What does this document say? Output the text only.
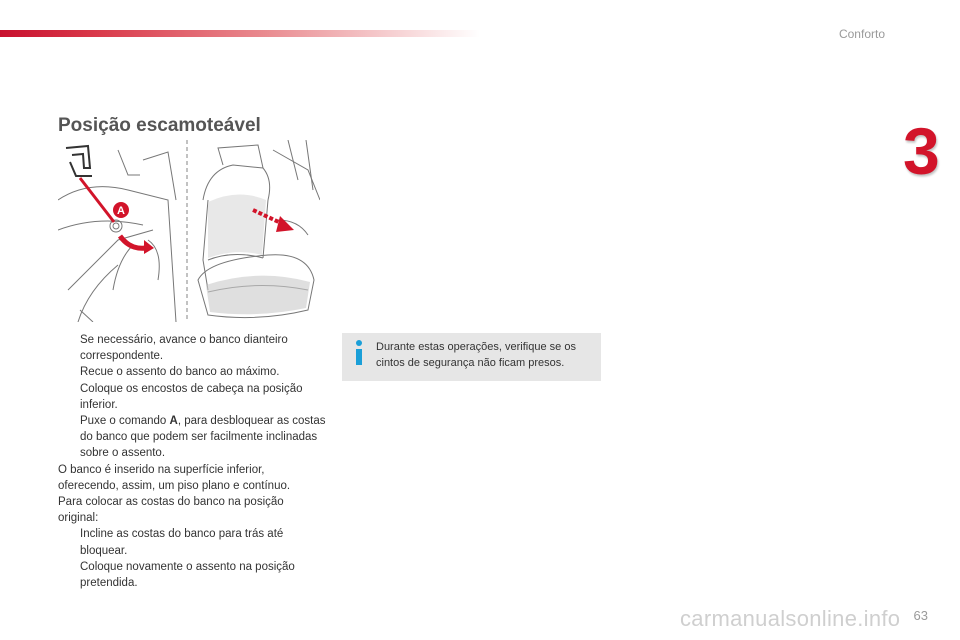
Conforto
3
Posição escamoteável
A
Se necessário, avance o banco dianteiro correspondente.
Recue o assento do banco ao máximo.
Coloque os encostos de cabeça na posição inferior.
Puxe o comando A, para desbloquear as costas do banco que podem ser facilmente inclinadas sobre o assento.
O banco é inserido na superfície inferior, oferecendo, assim, um piso plano e contínuo.
Para colocar as costas do banco na posição original:
Incline as costas do banco para trás até bloquear.
Coloque novamente o assento na posição pretendida.
Durante estas operações, verifique se os cintos de segurança não ficam presos.
carmanualsonline.info 63
